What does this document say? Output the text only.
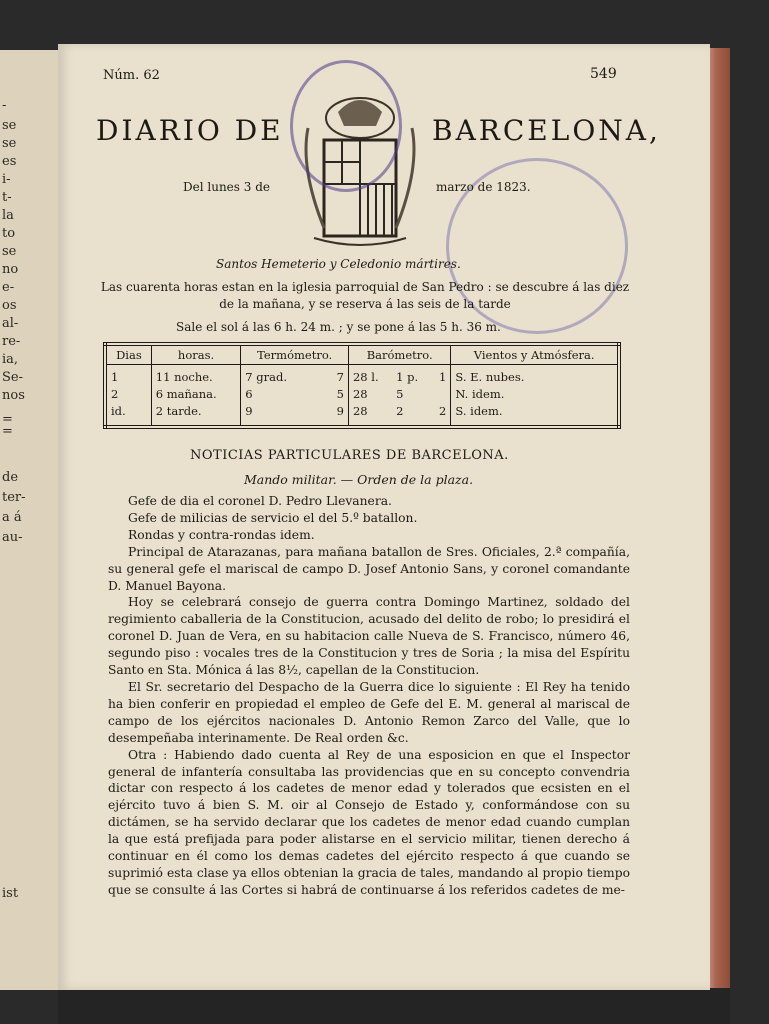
-
se
se
es
i-
t-
la
to
se
no
e-
os
al-
re-
ia,
Se-
nos
=
=
de
ter-
a á
au-
ist
Núm. 62	549
DIARIO DE	BARCELONA,
Del lunes 3 de	marzo de 1823.
Santos Hemeterio y Celedonio mártires.
Las cuarenta horas estan en la iglesia parroquial de San Pedro : se descubre á las diez de la mañana, y se reserva á las seis de la tarde
Sale el sol á las 6 h. 24 m. ; y se pone á las 5 h. 36 m.
Dias	horas.	Termómetro.		Barómetro.			Vientos y Atmósfera.
1	11 noche.	7 grad.	7	28 l.	1 p.	1	S. E. nubes.
2	6 mañana.	6	5	28	5		N. idem.
id.	2 tarde.	9	9	28	2	2	S. idem.
NOTICIAS PARTICULARES DE BARCELONA.
Mando militar. — Orden de la plaza.

Gefe de dia el coronel D. Pedro Llevanera.

Gefe de milicias de servicio el del 5.º batallon.

Rondas y contra-rondas idem.

Principal de Atarazanas, para mañana batallon de Sres. Oficiales, 2.ª compañía, su general gefe el mariscal de campo D. Josef Antonio Sans, y coronel comandante D. Manuel Bayona.

Hoy se celebrará consejo de guerra contra Domingo Martinez, soldado del regimiento caballeria de la Constitucion, acusado del delito de robo; lo presidirá el coronel D. Juan de Vera, en su habitacion calle Nueva de S. Francisco, número 46, segundo piso : vocales tres de la Constitucion y tres de Soria ; la misa del Espíritu Santo en Sta. Mónica á las 8½, capellan de la Constitucion.

El Sr. secretario del Despacho de la Guerra dice lo siguiente : El Rey ha tenido ha bien conferir en propiedad el empleo de Gefe del E. M. general al mariscal de campo de los ejércitos nacionales D. Antonio Remon Zarco del Valle, que lo desempeñaba interinamente. De Real orden &c.

Otra : Habiendo dado cuenta al Rey de una esposicion en que el Inspector general de infantería consultaba las providencias que en su concepto convendria dictar con respecto á los cadetes de menor edad y tolerados que ecsisten en el ejército tuvo á bien S. M. oir al Consejo de Estado y, conformándose con su dictámen, se ha servido declarar que los cadetes de menor edad cuando cumplan la que está prefijada para poder alistarse en el servicio militar, tienen derecho á continuar en él como los demas cadetes del ejército respecto á que cuando se suprimió esta clase ya ellos obtenian la gracia de tales, mandando al propio tiempo que se consulte á las Cortes si habrá de continuarse á los referidos cadetes de me-
